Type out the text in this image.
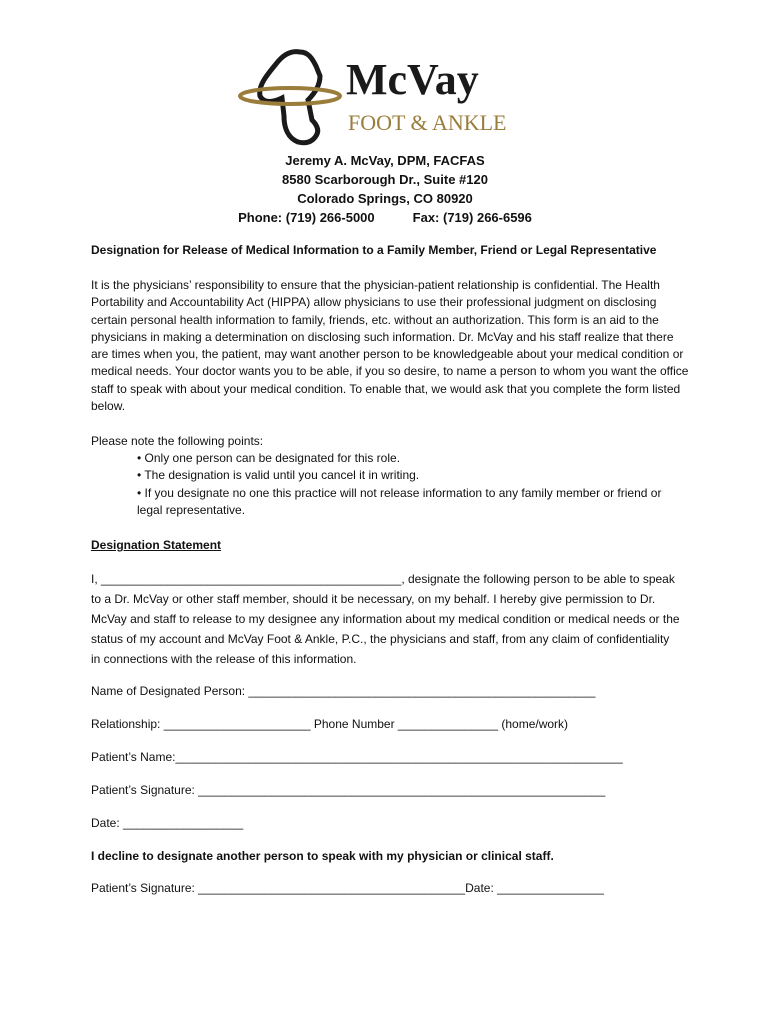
McVay
FOOT & ANKLE
Jeremy A. McVay, DPM, FACFAS
8580 Scarborough Dr., Suite #120
Colorado Springs, CO 80920
Phone: (719) 266-5000	Fax: (719) 266-6596
Designation for Release of Medical Information to a Family Member, Friend or Legal Representative
It is the physicians’ responsibility to ensure that the physician-patient relationship is confidential. The Health Portability and Accountability Act (HIPPA) allow physicians to use their professional judgment on disclosing certain personal health information to family, friends, etc. without an authorization. This form is an aid to the physicians in making a determination on disclosing such information. Dr. McVay and his staff realize that there are times when you, the patient, may want another person to be knowledgeable about your medical condition or medical needs. Your doctor wants you to be able, if you so desire, to name a person to whom you want the office staff to speak with about your medical condition. To enable that, we would ask that you complete the form listed below.
Please note the following points:
• Only one person can be designated for this role.
• The designation is valid until you cancel it in writing.
• If you designate no one this practice will not release information to any family member or friend or legal representative.
Designation Statement
I, _____________________________________________, designate the following person to be able to speak to a Dr. McVay or other staff member, should it be necessary, on my behalf. I hereby give permission to Dr. McVay and staff to release to my designee any information about my medical condition or medical needs or the status of my account and McVay Foot & Ankle, P.C., the physicians and staff, from any claim of confidentiality in connections with the release of this information.
Name of Designated Person: ____________________________________________________
Relationship: ______________________ Phone Number _______________ (home/work)
Patient’s Name:___________________________________________________________________
Patient’s Signature: _____________________________________________________________
Date: __________________
I decline to designate another person to speak with my physician or clinical staff.
Patient’s Signature: ________________________________________Date: ________________
